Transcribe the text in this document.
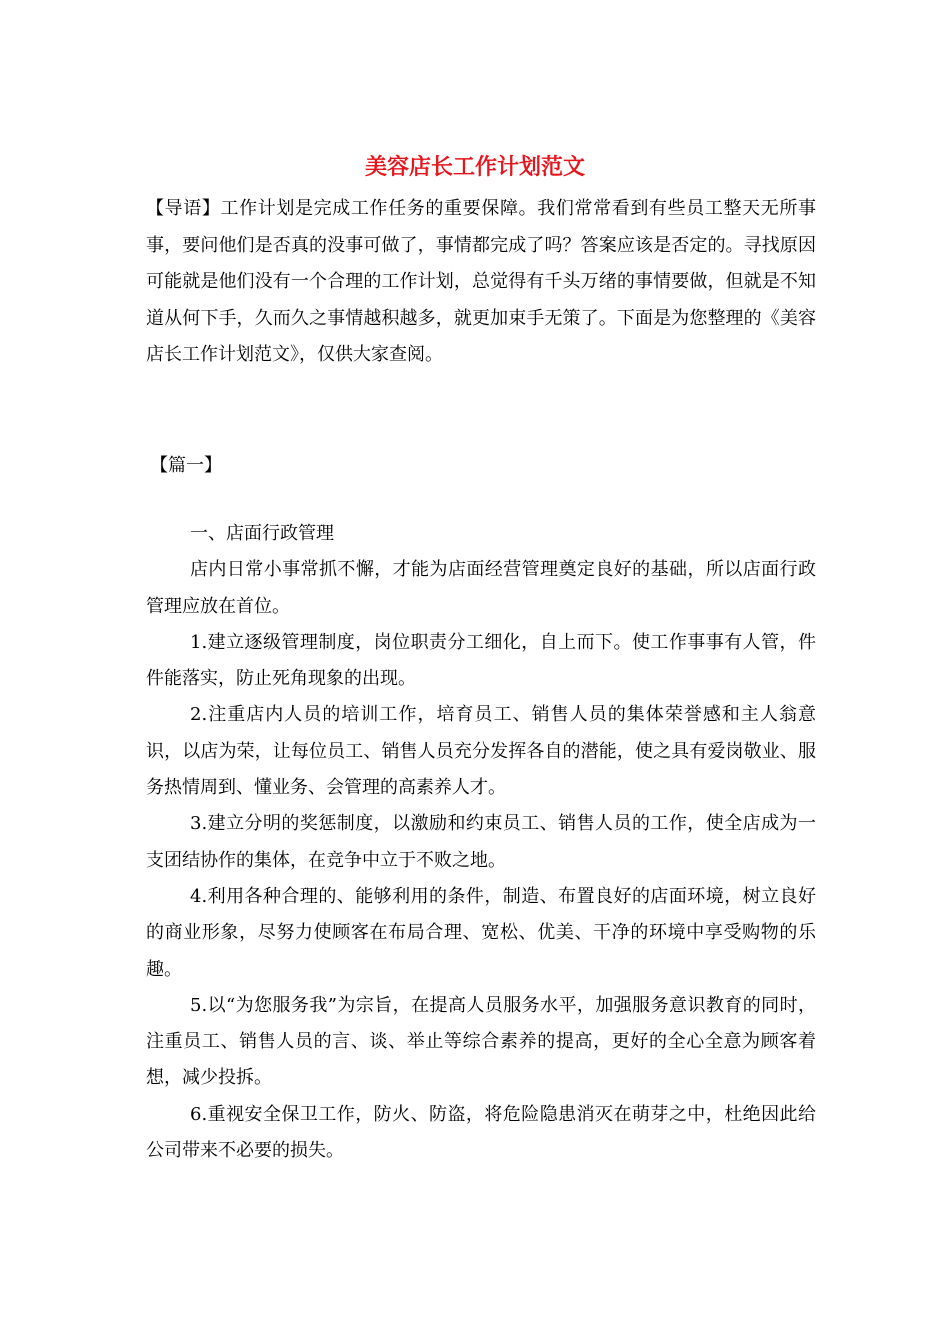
美容店长工作计划范文

【导语】工作计划是完成工作任务的重要保障。我们常常看到有些员工整天无所事事，要问他们是否真的没事可做了，事情都完成了吗？答案应该是否定的。寻找原因可能就是他们没有一个合理的工作计划，总觉得有千头万绪的事情要做，但就是不知道从何下手，久而久之事情越积越多，就更加束手无策了。下面是为您整理的《美容店长工作计划范文》，仅供大家查阅。

【篇一】

一、店面行政管理

店内日常小事常抓不懈，才能为店面经营管理奠定良好的基础，所以店面行政管理应放在首位。

1.建立逐级管理制度，岗位职责分工细化，自上而下。使工作事事有人管，件件能落实，防止死角现象的出现。

2.注重店内人员的培训工作，培育员工、销售人员的集体荣誉感和主人翁意识，以店为荣，让每位员工、销售人员充分发挥各自的潜能，使之具有爱岗敬业、服务热情周到、懂业务、会管理的高素养人才。

3.建立分明的奖惩制度，以激励和约束员工、销售人员的工作，使全店成为一支团结协作的集体，在竞争中立于不败之地。

4.利用各种合理的、能够利用的条件，制造、布置良好的店面环境，树立良好的商业形象，尽努力使顾客在布局合理、宽松、优美、干净的环境中享受购物的乐趣。

5.以“为您服务我”为宗旨，在提高人员服务水平，加强服务意识教育的同时，注重员工、销售人员的言、谈、举止等综合素养的提高，更好的全心全意为顾客着想，减少投拆。

6.重视安全保卫工作，防火、防盗，将危险隐患消灭在萌芽之中，杜绝因此给公司带来不必要的损失。
